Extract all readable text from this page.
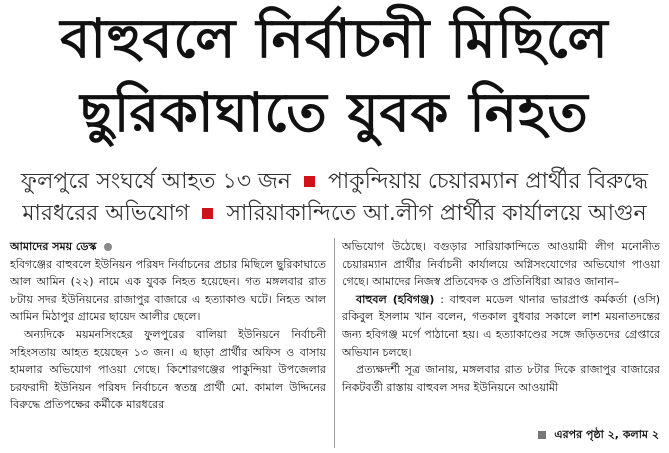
বাহুবলে নির্বাচনী মিছিলে
ছুরিকাঘাতে যুবক নিহত
ফুলপুরে সংঘর্ষে আহত ১৩ জন পাকুন্দিয়ায় চেয়ারম্যান প্রার্থীর বিরুদ্ধে
মারধরের অভিযোগ সারিয়াকান্দিতে আ.লীগ প্রার্থীর কার্যালয়ে আগুন

আমাদের সময় ডেস্ক

হবিগঞ্জের বাহুবলে ইউনিয়ন পরিষদ নির্বাচনের প্রচার মিছিলে ছুরিকাঘাতে আল আমিন (২২) নামে এক যুবক নিহত হয়েছেন। গত মঙ্গলবার রাত ৮টায় সদর ইউনিয়নের রাজাপুর বাজারে এ হত্যাকাণ্ড ঘটে। নিহত আল আমিন মিঠাপুর গ্রামের ছায়েদ আলীর ছেলে।

অন্যদিকে ময়মনসিংহের ফুলপুরের বালিয়া ইউনিয়নে নির্বাচনী সহিংসতায় আহত হয়েছেন ১৩ জন। এ ছাড়া প্রার্থীর অফিস ও বাসায় হামলার অভিযোগ পাওয়া গেছে। কিশোরগঞ্জের পাকুন্দিয়া উপজেলার চরফরাদী ইউনিয়ন পরিষদ নির্বাচনে স্বতন্ত্র প্রার্থী মো. কামাল উদ্দিনের বিরুদ্ধে প্রতিপক্ষের কর্মীকে মারধরের

অভিযোগ উঠেছে। বগুড়ার সারিয়াকান্দিতে আওয়ামী লীগ মনোনীত চেয়ারম্যান প্রার্থীর নির্বাচনী কার্যালয়ে অগ্নিসংযোগের অভিযোগ পাওয়া গেছে। আমাদের নিজস্ব প্রতিবেদক ও প্রতিনিধিরা আরও জানান–

বাহুবল (হবিগঞ্জ) : বাহুবল মডেল থানার ভারপ্রাপ্ত কর্মকর্তা (ওসি) রকিবুল ইসলাম খান বলেন, গতকাল বুধবার সকালে লাশ ময়নাতদন্তের জন্য হবিগঞ্জ মর্গে পাঠানো হয়। এ হত্যাকাণ্ডের সঙ্গে জড়িতদের গ্রেপ্তারে অভিযান চলছে।

প্রত্যক্ষদর্শী সূত্র জানায়, মঙ্গলবার রাত ৮টার দিকে রাজাপুর বাজারের নিকটবর্তী রাস্তায় বাহুবল সদর ইউনিয়নে আওয়ামী

এরপর পৃষ্ঠা ২, কলাম ২
